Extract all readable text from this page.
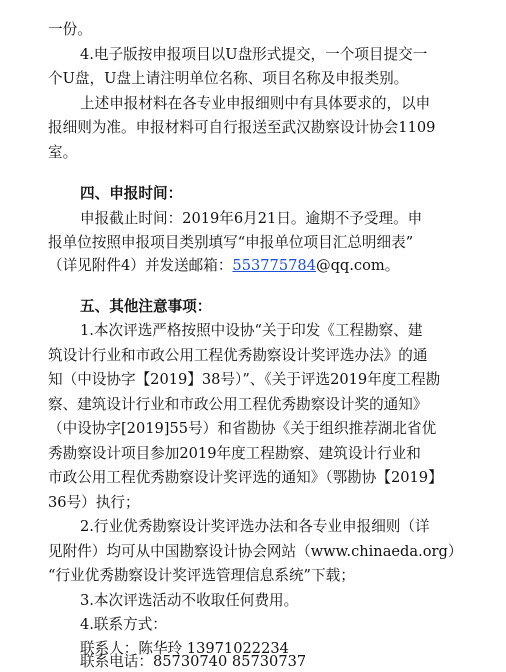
一份。
4.电子版按申报项目以U盘形式提交，一个项目提交一
个U盘，U盘上请注明单位名称、项目名称及申报类别。
上述申报材料在各专业申报细则中有具体要求的，以申
报细则为准。申报材料可自行报送至武汉勘察设计协会1109
室。
四、申报时间：
申报截止时间：2019年6月21日。逾期不予受理。申
报单位按照申报项目类别填写“申报单位项目汇总明细表”
（详见附件4）并发送邮箱：553775784@qq.com。
五、其他注意事项：
1.本次评选严格按照中设协“关于印发《工程勘察、建
筑设计行业和市政公用工程优秀勘察设计奖评选办法》的通
知（中设协字【2019】38号）”、《关于评选2019年度工程勘
察、建筑设计行业和市政公用工程优秀勘察设计奖的通知》
（中设协字[2019]55号）和省勘协《关于组织推荐湖北省优
秀勘察设计项目参加2019年度工程勘察、建筑设计行业和
市政公用工程优秀勘察设计奖评选的通知》（鄂勘协【2019】
36号）执行；
2.行业优秀勘察设计奖评选办法和各专业申报细则（详
见附件）均可从中国勘察设计协会网站（www.chinaeda.org）
“行业优秀勘察设计奖评选管理信息系统”下载；
3.本次评选活动不收取任何费用。
4.联系方式：
联系人：陈华玲 13971022234
联系电话：85730740 85730737
